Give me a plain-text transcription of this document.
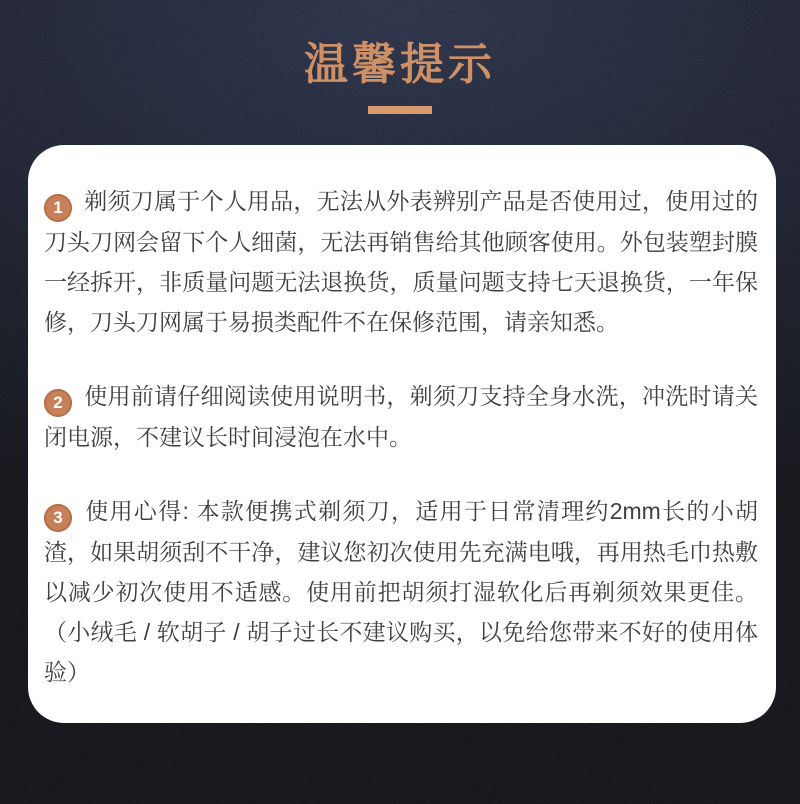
温馨提示

1 剃须刀属于个人用品，无法从外表辨别产品是否使用过，使用过的刀头刀网会留下个人细菌，无法再销售给其他顾客使用。外包装塑封膜一经拆开，非质量问题无法退换货，质量问题支持七天退换货，一年保修，刀头刀网属于易损类配件不在保修范围，请亲知悉。

2 使用前请仔细阅读使用说明书，剃须刀支持全身水洗，冲洗时请关闭电源，不建议长时间浸泡在水中。

3 使用心得: 本款便携式剃须刀，适用于日常清理约2mm长的小胡渣，如果胡须刮不干净，建议您初次使用先充满电哦，再用热毛巾热敷以减少初次使用不适感。使用前把胡须打湿软化后再剃须效果更佳。（小绒毛 / 软胡子 / 胡子过长不建议购买，以免给您带来不好的使用体验）
